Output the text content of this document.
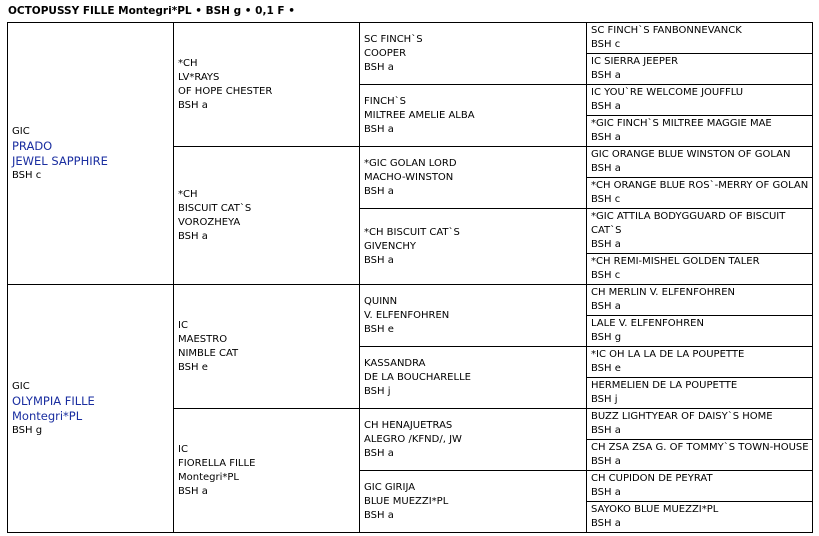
OCTOPUSSY FILLE Montegri*PL • BSH g • 0,1 F •
GIC
PRADO
JEWEL SAPPHIRE
BSH c
GIC
OLYMPIA FILLE
Montegri*PL
BSH g
*CH
LV*RAYS
OF HOPE CHESTER
BSH a
*CH
BISCUIT CAT`S
VOROZHEYA
BSH a
IC
MAESTRO
NIMBLE CAT
BSH e
IC
FIORELLA FILLE
Montegri*PL
BSH a
SC FINCH`S
COOPER
BSH a
FINCH`S
MILTREE AMELIE ALBA
BSH a
*GIC GOLAN LORD
MACHO-WINSTON
BSH a
*CH BISCUIT CAT`S
GIVENCHY
BSH a
QUINN
V. ELFENFOHREN
BSH e
KASSANDRA
DE LA BOUCHARELLE
BSH j
CH HENAJUETRAS
ALEGRO /KFND/, JW
BSH a
GIC GIRIJA
BLUE MUEZZI*PL
BSH a
SC FINCH`S FANBONNEVANCK
BSH c
IC SIERRA JEEPER
BSH a
IC YOU`RE WELCOME JOUFFLU
BSH a
*GIC FINCH`S MILTREE MAGGIE MAE
BSH a
GIC ORANGE BLUE WINSTON OF GOLAN
BSH a
*CH ORANGE BLUE ROS`-MERRY OF GOLAN
BSH c
*GIC ATTILA BODYGGUARD OF BISCUIT CAT`S
BSH a
*CH REMI-MISHEL GOLDEN TALER
BSH c
CH MERLIN V. ELFENFOHREN
BSH a
LALE V. ELFENFOHREN
BSH g
*IC OH LA LA DE LA POUPETTE
BSH e
HERMELIEN DE LA POUPETTE
BSH j
BUZZ LIGHTYEAR OF DAISY`S HOME
BSH a
CH ZSA ZSA G. OF TOMMY`S TOWN-HOUSE
BSH a
CH CUPIDON DE PEYRAT
BSH a
SAYOKO BLUE MUEZZI*PL
BSH a
